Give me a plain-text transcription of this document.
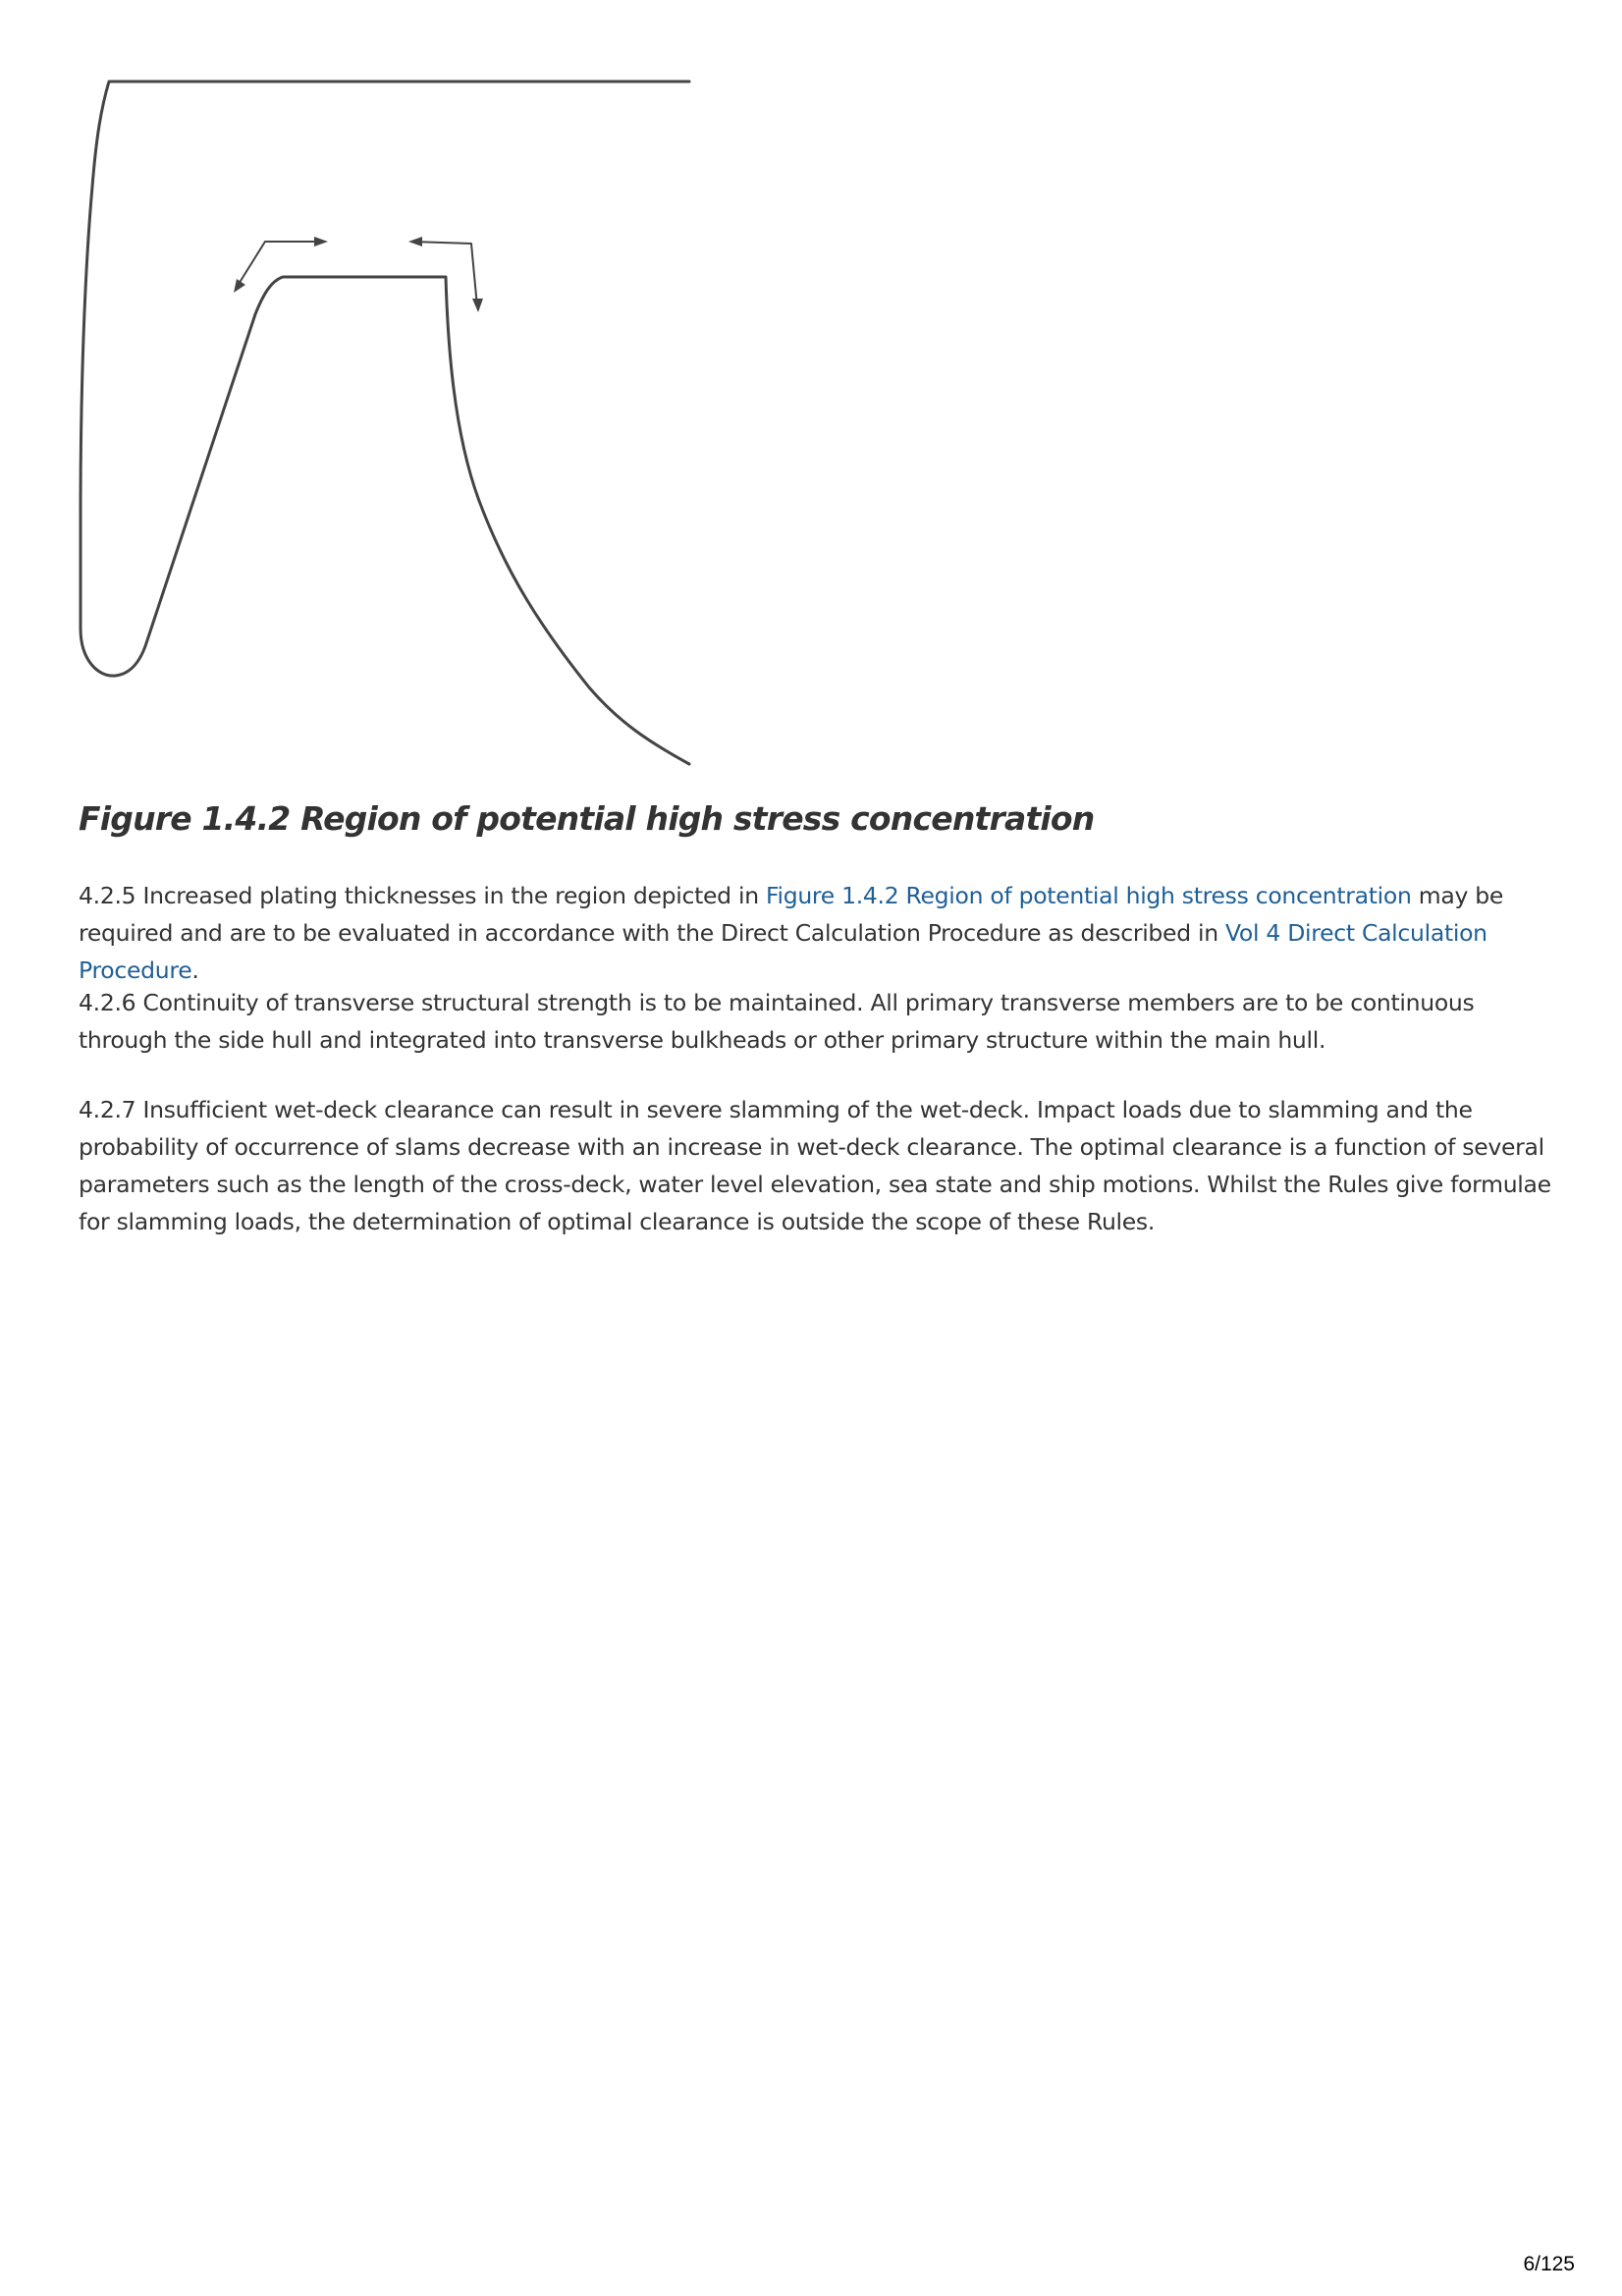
Figure 1.4.2 Region of potential high stress concentration

4.2.5 Increased plating thicknesses in the region depicted in Figure 1.4.2 Region of potential high stress concentration may be required and are to be evaluated in accordance with the Direct Calculation Procedure as described in Vol 4 Direct Calculation Procedure.

4.2.6 Continuity of transverse structural strength is to be maintained. All primary transverse members are to be continuous through the side hull and integrated into transverse bulkheads or other primary structure within the main hull.

4.2.7 Insufficient wet-deck clearance can result in severe slamming of the wet-deck. Impact loads due to slamming and the probability of occurrence of slams decrease with an increase in wet-deck clearance. The optimal clearance is a function of several parameters such as the length of the cross-deck, water level elevation, sea state and ship motions. Whilst the Rules give formulae for slamming loads, the determination of optimal clearance is outside the scope of these Rules.

6/125
